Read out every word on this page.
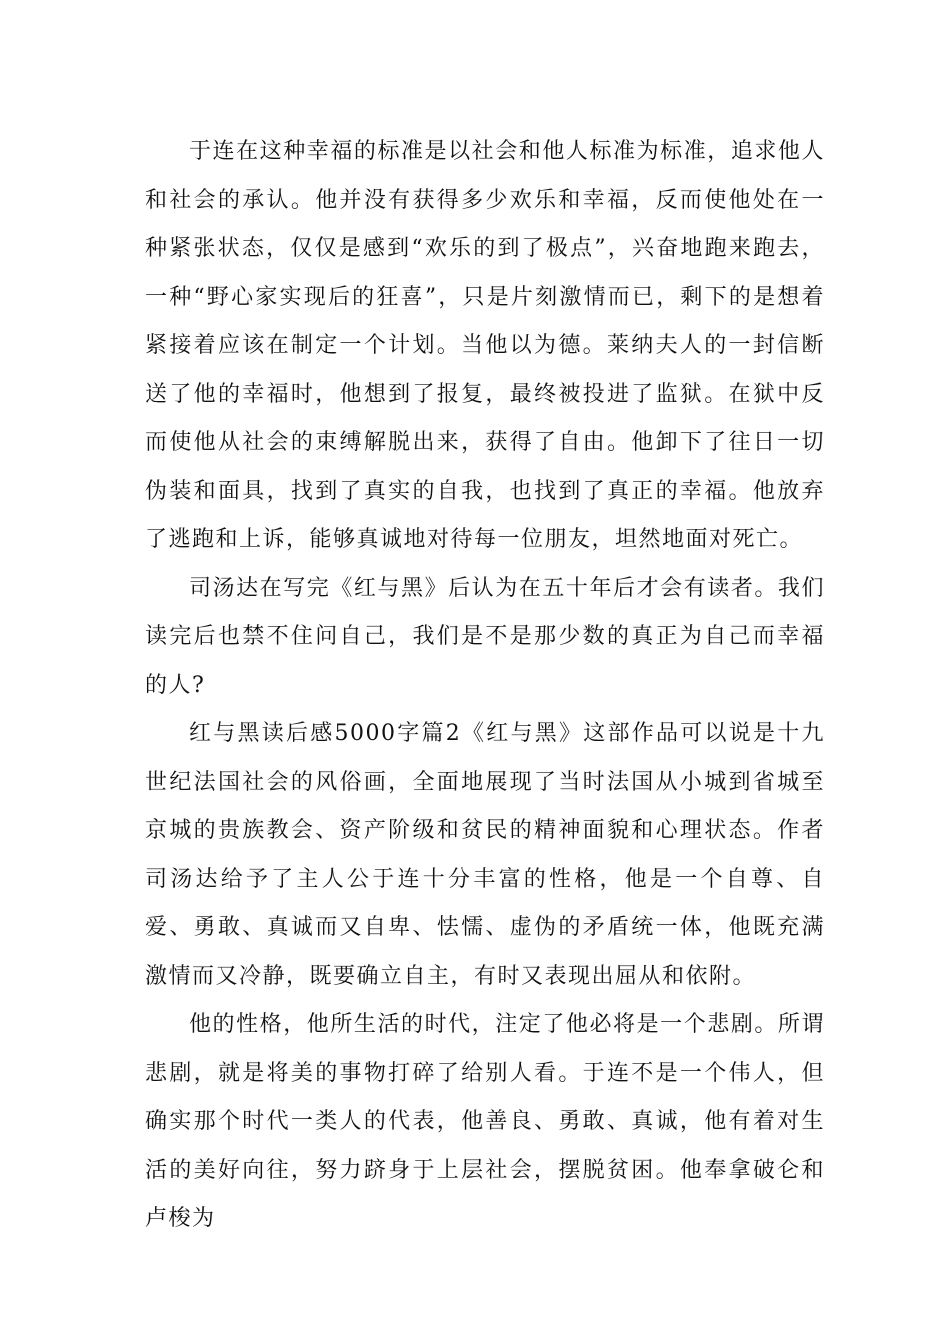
于连在这种幸福的标准是以社会和他人标准为标准，追求他人和社会的承认。他并没有获得多少欢乐和幸福，反而使他处在一种紧张状态，仅仅是感到“欢乐的到了极点”，兴奋地跑来跑去，一种“野心家实现后的狂喜”，只是片刻激情而已，剩下的是想着紧接着应该在制定一个计划。当他以为德。莱纳夫人的一封信断送了他的幸福时，他想到了报复，最终被投进了监狱。在狱中反而使他从社会的束缚解脱出来，获得了自由。他卸下了往日一切伪装和面具，找到了真实的自我，也找到了真正的幸福。他放弃了逃跑和上诉，能够真诚地对待每一位朋友，坦然地面对死亡。

司汤达在写完《红与黑》后认为在五十年后才会有读者。我们读完后也禁不住问自己，我们是不是那少数的真正为自己而幸福的人?

红与黑读后感5000字篇2《红与黑》这部作品可以说是十九世纪法国社会的风俗画，全面地展现了当时法国从小城到省城至京城的贵族教会、资产阶级和贫民的精神面貌和心理状态。作者司汤达给予了主人公于连十分丰富的性格，他是一个自尊、自爱、勇敢、真诚而又自卑、怯懦、虚伪的矛盾统一体，他既充满激情而又冷静，既要确立自主，有时又表现出屈从和依附。

他的性格，他所生活的时代，注定了他必将是一个悲剧。所谓悲剧，就是将美的事物打碎了给别人看。于连不是一个伟人，但确实那个时代一类人的代表，他善良、勇敢、真诚，他有着对生活的美好向往，努力跻身于上层社会，摆脱贫困。他奉拿破仑和卢梭为
